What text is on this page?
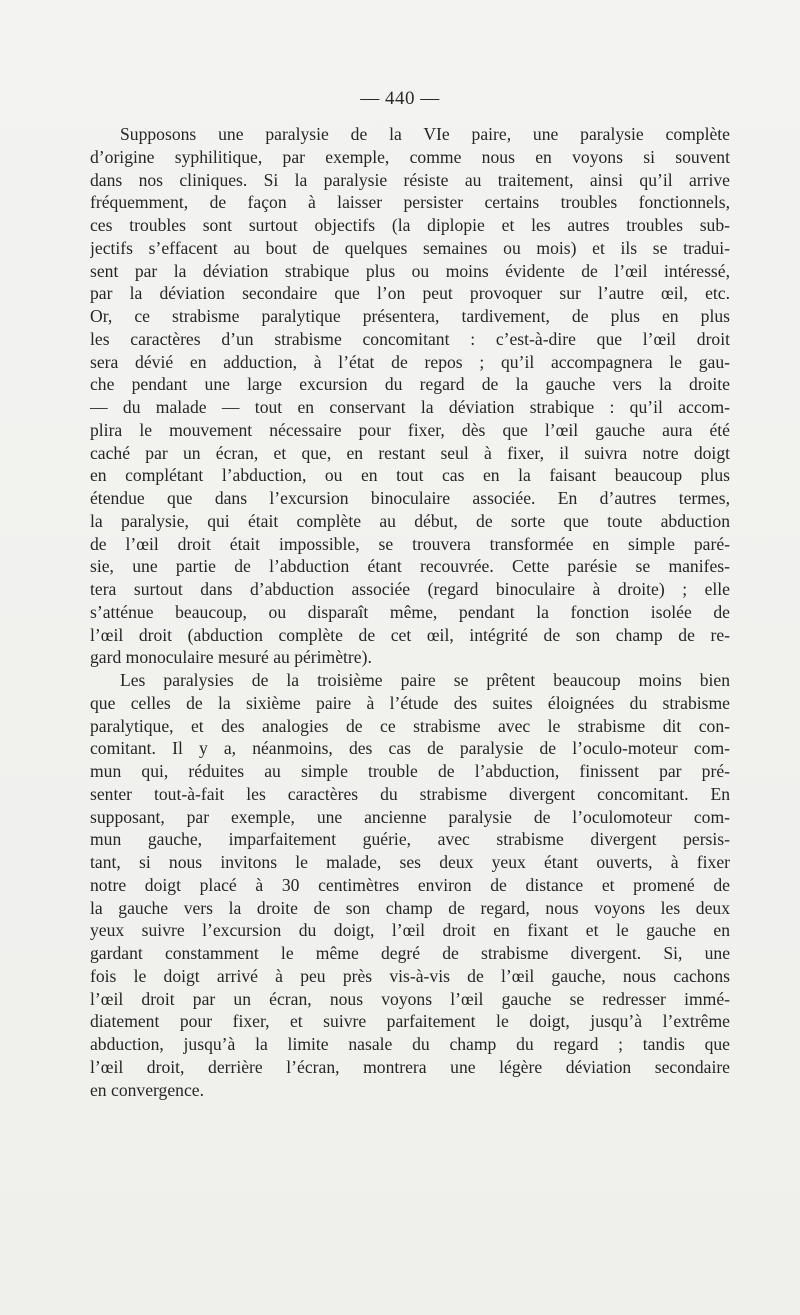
— 440 —
Supposons une paralysie de la VIe paire, une paralysie complète
d’origine syphilitique, par exemple, comme nous en voyons si souvent
dans nos cliniques. Si la paralysie résiste au traitement, ainsi qu’il arrive
fréquemment, de façon à laisser persister certains troubles fonctionnels,
ces troubles sont surtout objectifs (la diplopie et les autres troubles sub-
jectifs s’effacent au bout de quelques semaines ou mois) et ils se tradui-
sent par la déviation strabique plus ou moins évidente de l’œil intéressé,
par la déviation secondaire que l’on peut provoquer sur l’autre œil, etc.
Or, ce strabisme paralytique présentera, tardivement, de plus en plus
les caractères d’un strabisme concomitant : c’est-à-dire que l’œil droit
sera dévié en adduction, à l’état de repos ; qu’il accompagnera le gau-
che pendant une large excursion du regard de la gauche vers la droite
— du malade — tout en conservant la déviation strabique : qu’il accom-
plira le mouvement nécessaire pour fixer, dès que l’œil gauche aura été
caché par un écran, et que, en restant seul à fixer, il suivra notre doigt
en complétant l’abduction, ou en tout cas en la faisant beaucoup plus
étendue que dans l’excursion binoculaire associée. En d’autres termes,
la paralysie, qui était complète au début, de sorte que toute abduction
de l’œil droit était impossible, se trouvera transformée en simple paré-
sie, une partie de l’abduction étant recouvrée. Cette parésie se manifes-
tera surtout dans d’abduction associée (regard binoculaire à droite) ; elle
s’atténue beaucoup, ou disparaît même, pendant la fonction isolée de
l’œil droit (abduction complète de cet œil, intégrité de son champ de re-
gard monoculaire mesuré au périmètre).
Les paralysies de la troisième paire se prêtent beaucoup moins bien
que celles de la sixième paire à l’étude des suites éloignées du strabisme
paralytique, et des analogies de ce strabisme avec le strabisme dit con-
comitant. Il y a, néanmoins, des cas de paralysie de l’oculo-moteur com-
mun qui, réduites au simple trouble de l’abduction, finissent par pré-
senter tout-à-fait les caractères du strabisme divergent concomitant. En
supposant, par exemple, une ancienne paralysie de l’oculomoteur com-
mun gauche, imparfaitement guérie, avec strabisme divergent persis-
tant, si nous invitons le malade, ses deux yeux étant ouverts, à fixer
notre doigt placé à 30 centimètres environ de distance et promené de
la gauche vers la droite de son champ de regard, nous voyons les deux
yeux suivre l’excursion du doigt, l’œil droit en fixant et le gauche en
gardant constamment le même degré de strabisme divergent. Si, une
fois le doigt arrivé à peu près vis-à-vis de l’œil gauche, nous cachons
l’œil droit par un écran, nous voyons l’œil gauche se redresser immé-
diatement pour fixer, et suivre parfaitement le doigt, jusqu’à l’extrême
abduction, jusqu’à la limite nasale du champ du regard ; tandis que
l’œil droit, derrière l’écran, montrera une légère déviation secondaire
en convergence.
